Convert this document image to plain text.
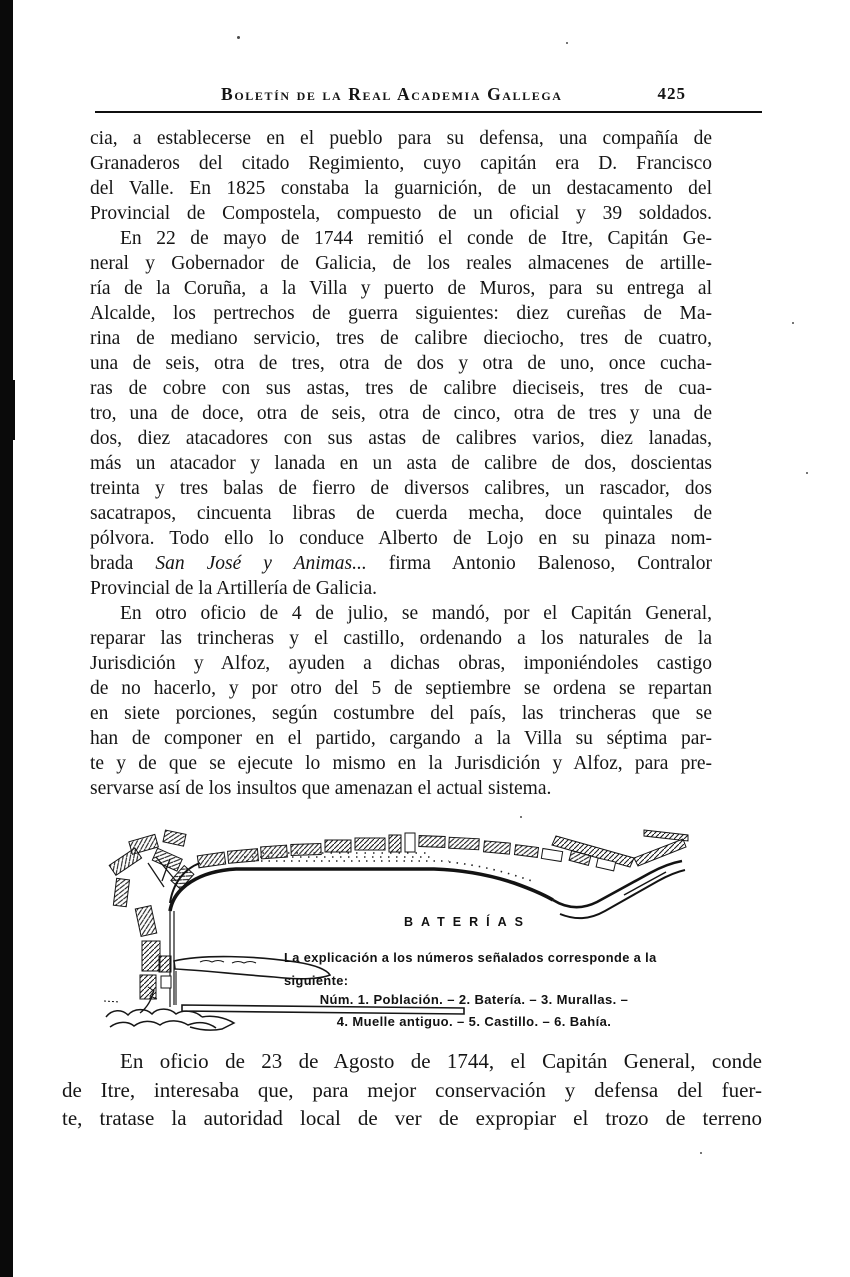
Boletín de la Real Academia Gallega	425
cia, a establecerse en el pueblo para su defensa, una compañía de
Granaderos del citado Regimiento, cuyo capitán era D. Francisco
del Valle. En 1825 constaba la guarnición, de un destacamento del
Provincial de Compostela, compuesto de un oficial y 39 soldados.
En 22 de mayo de 1744 remitió el conde de Itre, Capitán Ge-
neral y Gobernador de Galicia, de los reales almacenes de artille-
ría de la Coruña, a la Villa y puerto de Muros, para su entrega al
Alcalde, los pertrechos de guerra siguientes: diez cureñas de Ma-
rina de mediano servicio, tres de calibre dieciocho, tres de cuatro,
una de seis, otra de tres, otra de dos y otra de uno, once cucha-
ras de cobre con sus astas, tres de calibre dieciseis, tres de cua-
tro, una de doce, otra de seis, otra de cinco, otra de tres y una de
dos, diez atacadores con sus astas de calibres varios, diez lanadas,
más un atacador y lanada en un asta de calibre de dos, doscientas
treinta y tres balas de fierro de diversos calibres, un rascador, dos
sacatrapos, cincuenta libras de cuerda mecha, doce quintales de
pólvora. Todo ello lo conduce Alberto de Lojo en su pinaza nom-
brada San José y Animas... firma Antonio Balenoso, Contralor
Provincial de la Artillería de Galicia.
En otro oficio de 4 de julio, se mandó, por el Capitán General,
reparar las trincheras y el castillo, ordenando a los naturales de la
Jurisdición y Alfoz, ayuden a dichas obras, imponiéndoles castigo
de no hacerlo, y por otro del 5 de septiembre se ordena se repartan
en siete porciones, según costumbre del país, las trincheras que se
han de componer en el partido, cargando a la Villa su séptima par-
te y de que se ejecute lo mismo en la Jurisdición y Alfoz, para pre-
servarse así de los insultos que amenazan el actual sistema.
BATERÍAS
La explicación a los números señalados corresponde a la
siguiente:
Núm. 1. Población. – 2. Batería. – 3. Murallas. –
4. Muelle antiguo. – 5. Castillo. – 6. Bahía.
En oficio de 23 de Agosto de 1744, el Capitán General, conde
de Itre, interesaba que, para mejor conservación y defensa del fuer-
te, tratase la autoridad local de ver de expropiar el trozo de terreno
